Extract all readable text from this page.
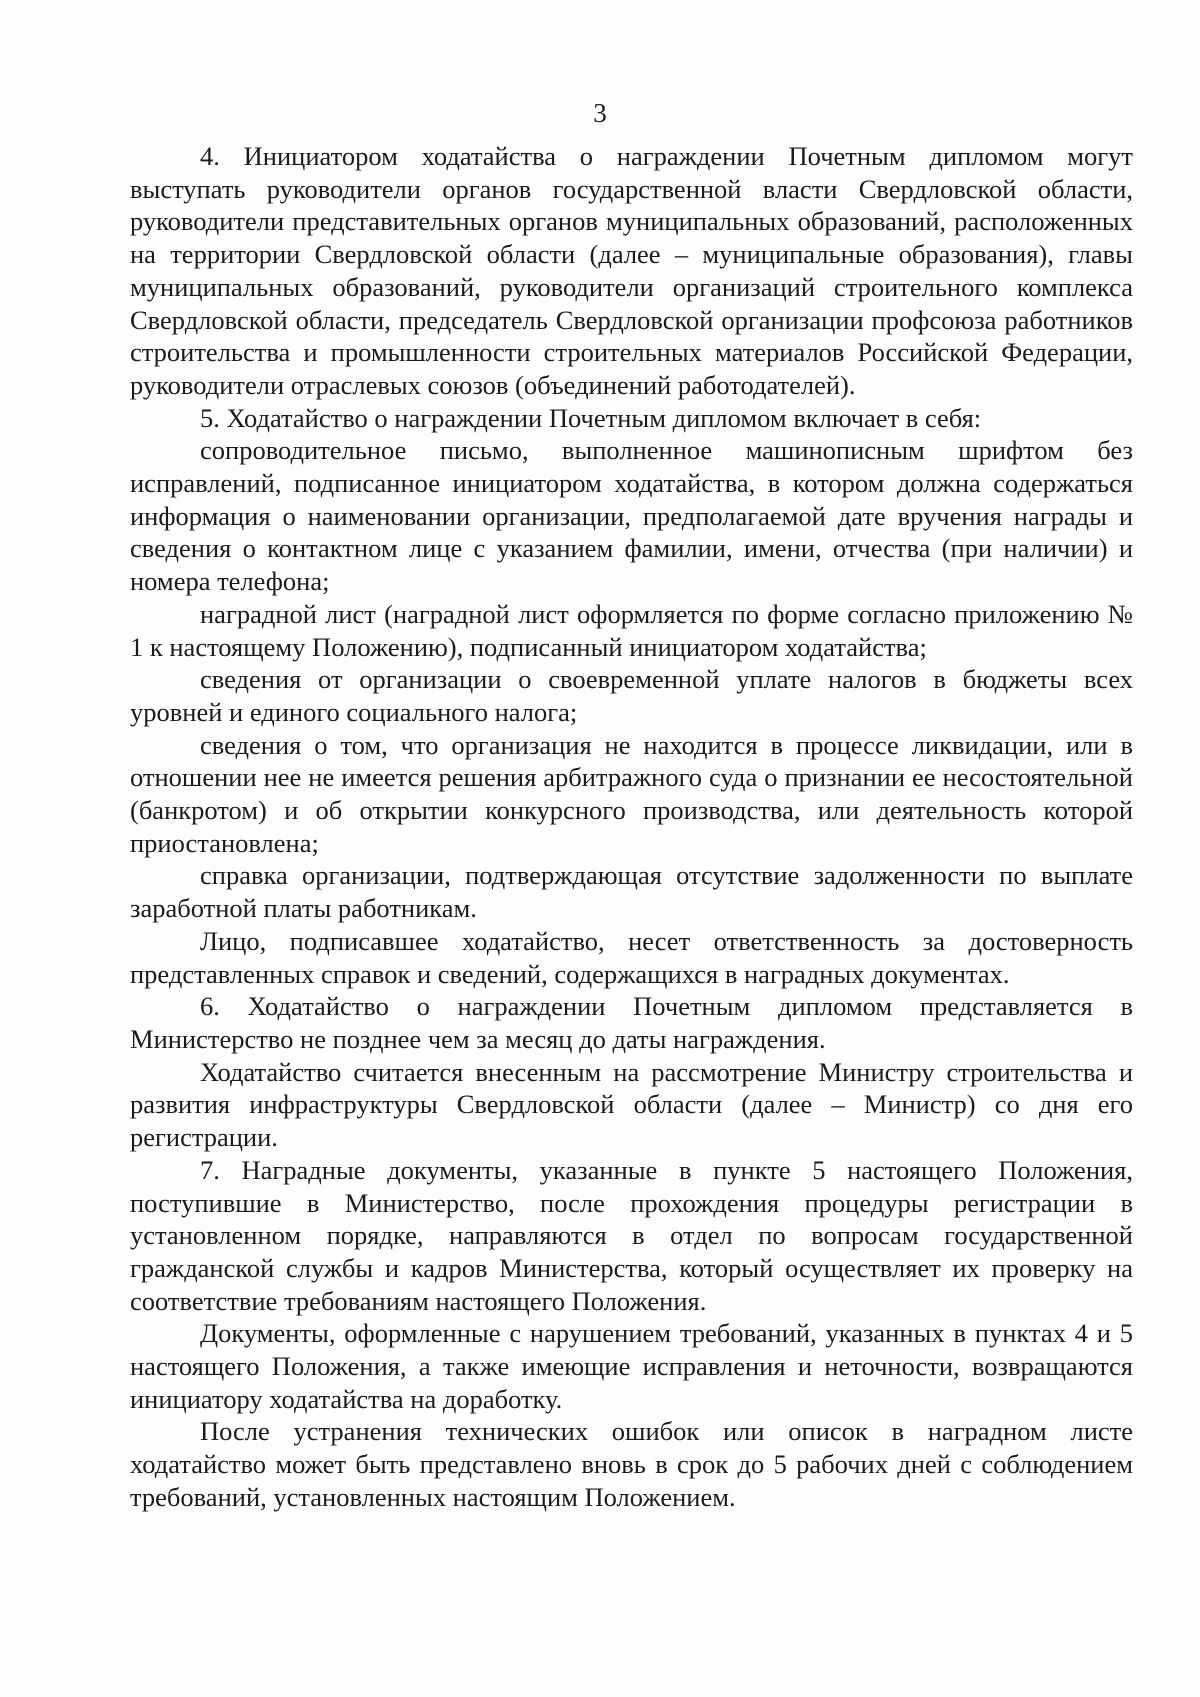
3

4. Инициатором ходатайства о награждении Почетным дипломом могут выступать руководители органов государственной власти Свердловской области, руководители представительных органов муниципальных образований, расположенных на территории Свердловской области (далее – муниципальные образования), главы муниципальных образований, руководители организаций строительного комплекса Свердловской области, председатель Свердловской организации профсоюза работников строительства и промышленности строительных материалов Российской Федерации, руководители отраслевых союзов (объединений работодателей).

5. Ходатайство о награждении Почетным дипломом включает в себя:

сопроводительное письмо, выполненное машинописным шрифтом без исправлений, подписанное инициатором ходатайства, в котором должна содержаться информация о наименовании организации, предполагаемой дате вручения награды и сведения о контактном лице с указанием фамилии, имени, отчества (при наличии) и номера телефона;

наградной лист (наградной лист оформляется по форме согласно приложению № 1 к настоящему Положению), подписанный инициатором ходатайства;

сведения от организации о своевременной уплате налогов в бюджеты всех уровней и единого социального налога;

сведения о том, что организация не находится в процессе ликвидации, или в отношении нее не имеется решения арбитражного суда о признании ее несостоятельной (банкротом) и об открытии конкурсного производства, или деятельность которой приостановлена;

справка организации, подтверждающая отсутствие задолженности по выплате заработной платы работникам.

Лицо, подписавшее ходатайство, несет ответственность за достоверность представленных справок и сведений, содержащихся в наградных документах.

6. Ходатайство о награждении Почетным дипломом представляется в Министерство не позднее чем за месяц до даты награждения.

Ходатайство считается внесенным на рассмотрение Министру строительства и развития инфраструктуры Свердловской области (далее – Министр) со дня его регистрации.

7. Наградные документы, указанные в пункте 5 настоящего Положения, поступившие в Министерство, после прохождения процедуры регистрации в установленном порядке, направляются в отдел по вопросам государственной гражданской службы и кадров Министерства, который осуществляет их проверку на соответствие требованиям настоящего Положения.

Документы, оформленные с нарушением требований, указанных в пунктах 4 и 5 настоящего Положения, а также имеющие исправления и неточности, возвращаются инициатору ходатайства на доработку.

После устранения технических ошибок или описок в наградном листе ходатайство может быть представлено вновь в срок до 5 рабочих дней с соблюдением требований, установленных настоящим Положением.
